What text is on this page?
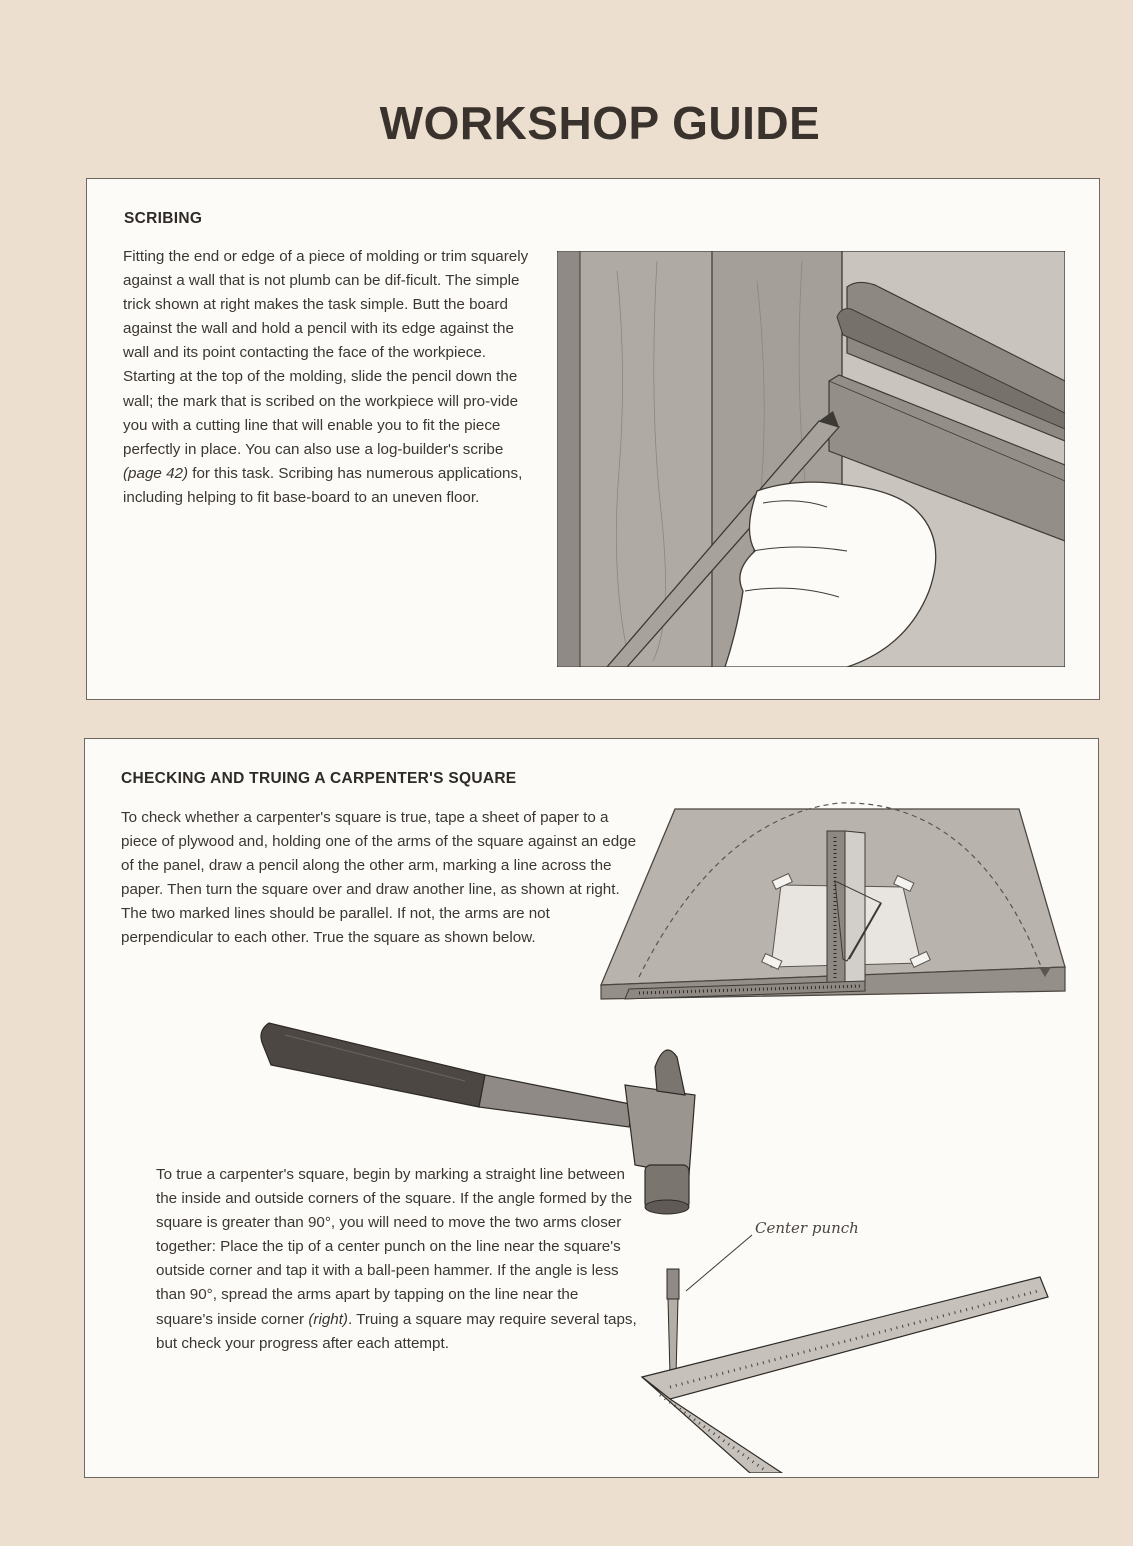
WORKSHOP GUIDE
SCRIBING
Fitting the end or edge of a piece of molding or trim squarely against a wall that is not plumb can be dif-ficult. The simple trick shown at right makes the task simple. Butt the board against the wall and hold a pencil with its edge against the wall and its point contacting the face of the workpiece. Starting at the top of the molding, slide the pencil down the wall; the mark that is scribed on the workpiece will pro-vide you with a cutting line that will enable you to fit the piece perfectly in place. You can also use a log-builder's scribe (page 42) for this task. Scribing has numerous applications, including helping to fit base-board to an uneven floor.
CHECKING AND TRUING A CARPENTER'S SQUARE
To check whether a carpenter's square is true, tape a sheet of paper to a piece of plywood and, holding one of the arms of the square against an edge of the panel, draw a pencil along the other arm, marking a line across the paper. Then turn the square over and draw another line, as shown at right. The two marked lines should be parallel. If not, the arms are not perpendicular to each other. True the square as shown below.
To true a carpenter's square, begin by marking a straight line between the inside and outside corners of the square. If the angle formed by the square is greater than 90°, you will need to move the two arms closer together: Place the tip of a center punch on the line near the square's outside corner and tap it with a ball-peen hammer. If the angle is less than 90°, spread the arms apart by tapping on the line near the square's inside corner (right). Truing a square may require several taps, but check your progress after each attempt.
Center punch
